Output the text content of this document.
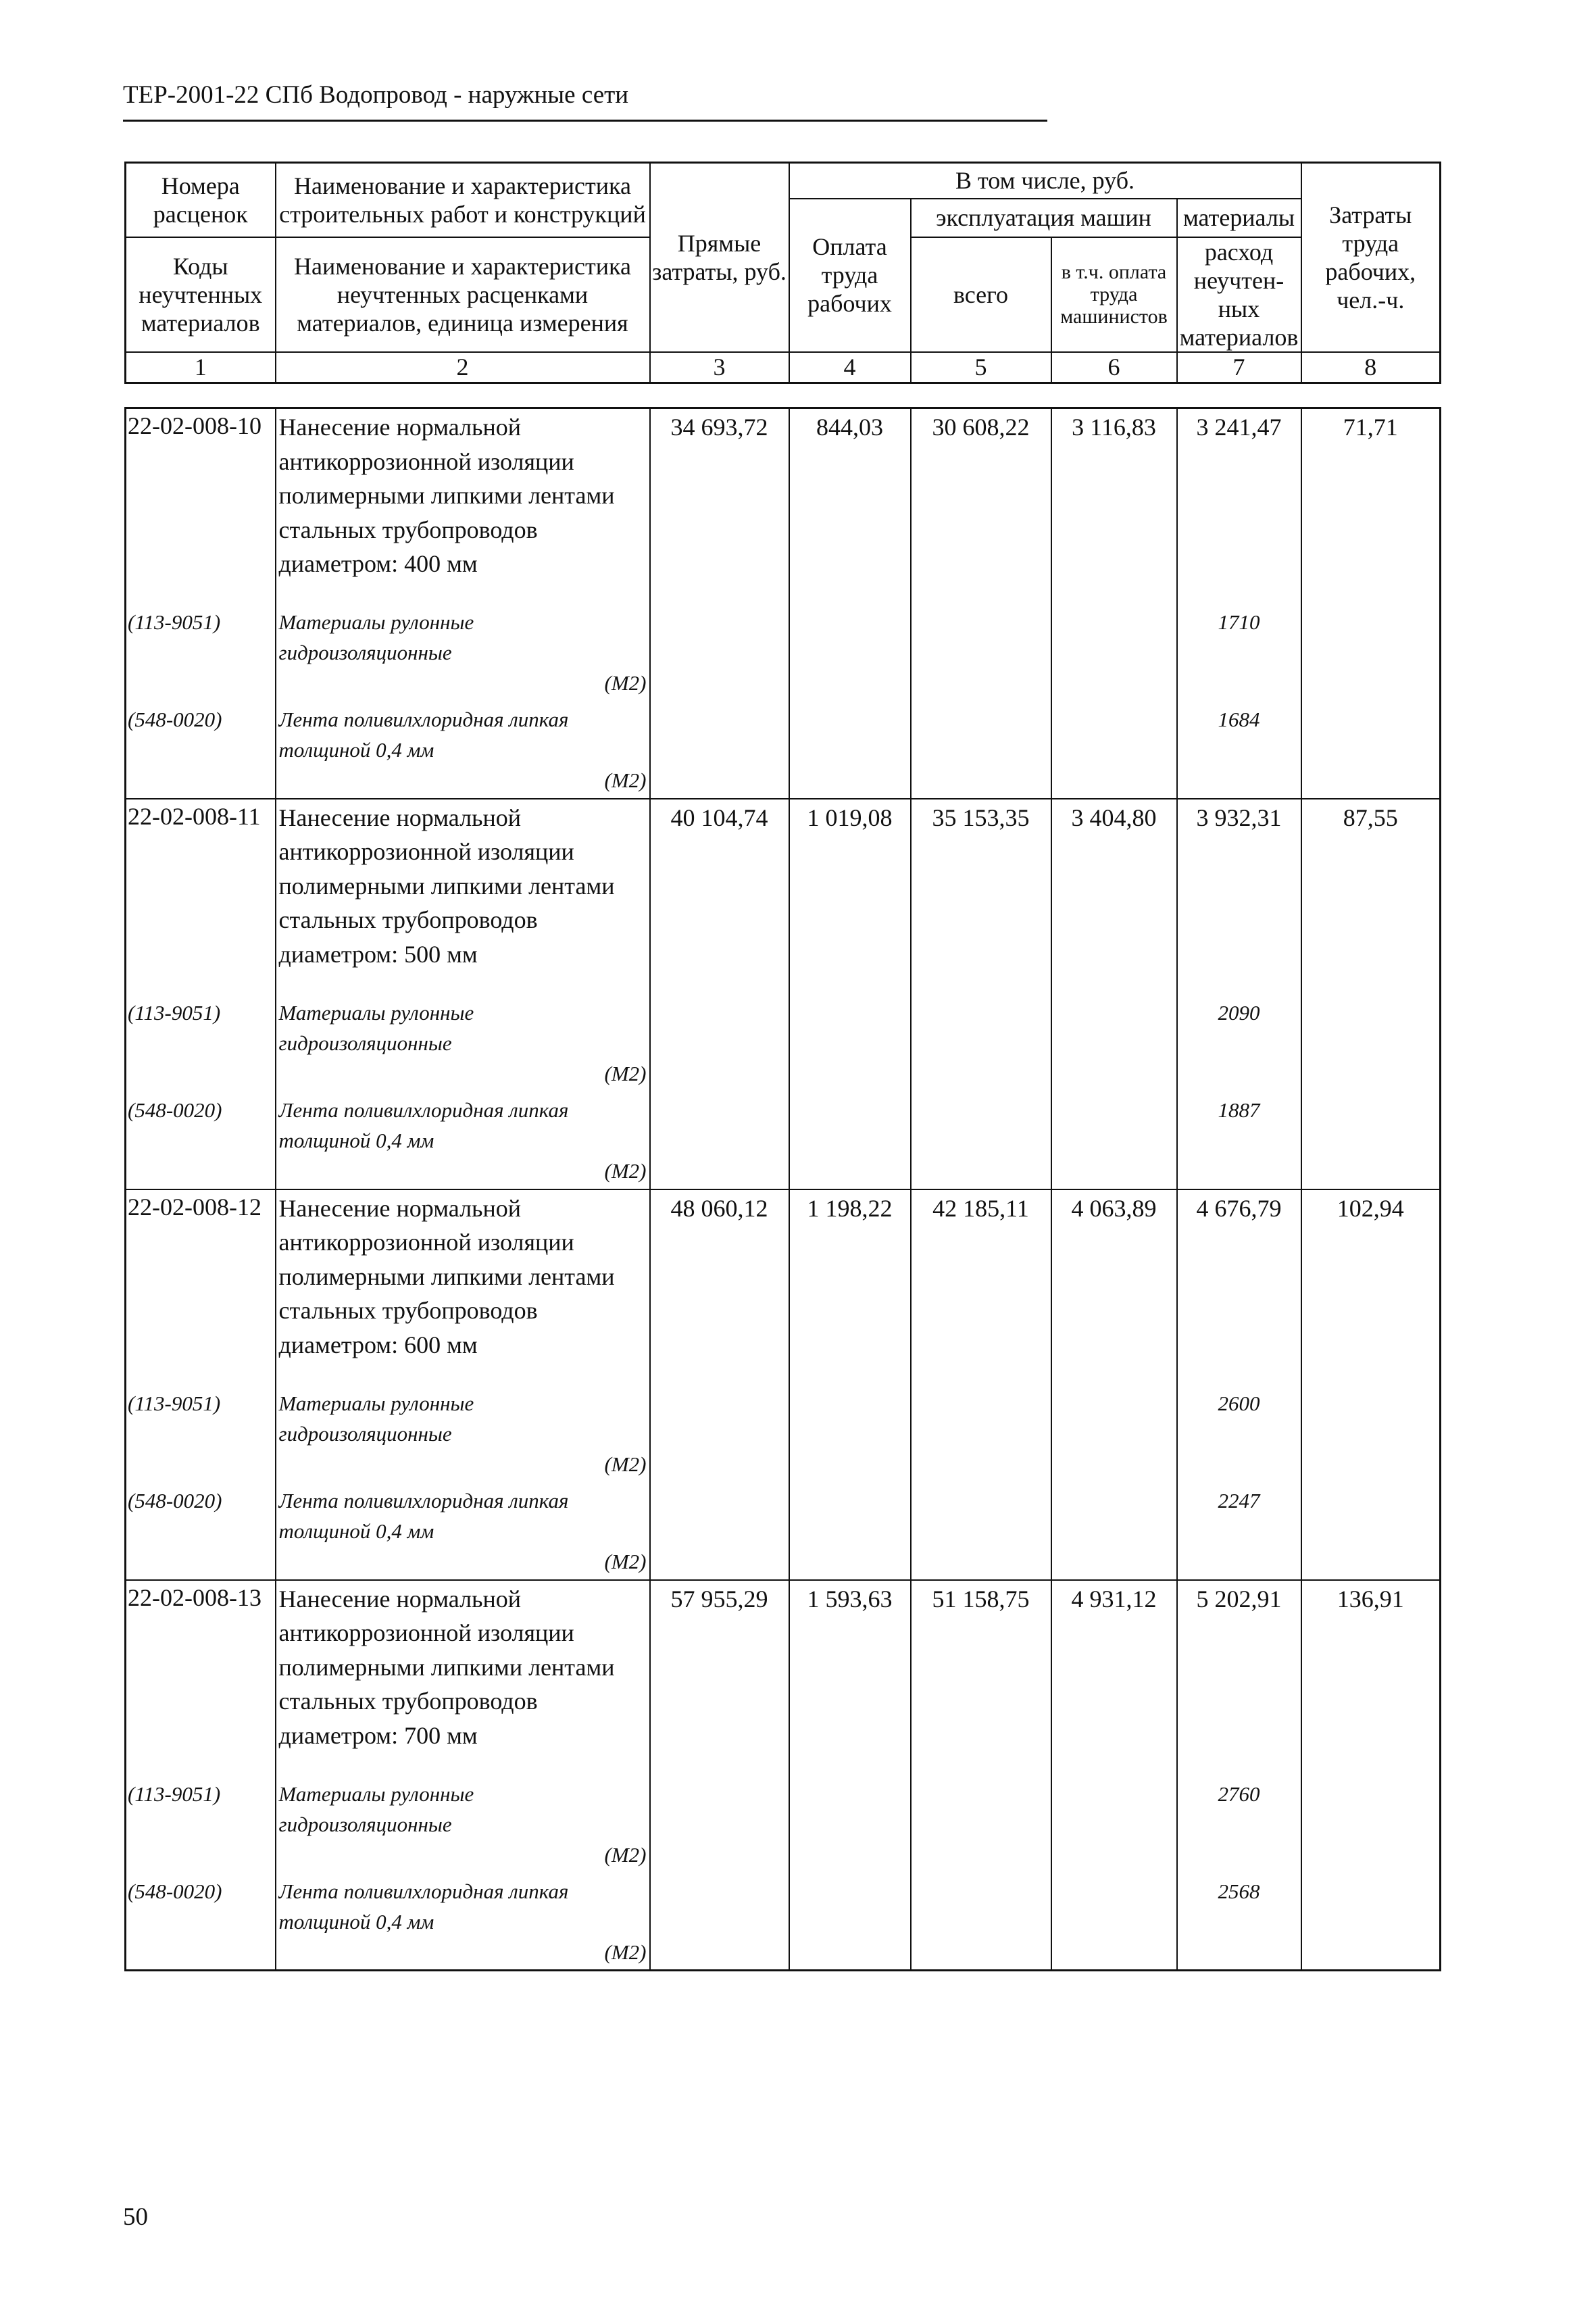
ТЕР-2001-22 СПб Водопровод - наружные сети
Номера расценок	Наименование и характеристика строительных работ и конструкций	Прямые затраты, руб.	В том числе, руб.				Затраты труда рабочих, чел.-ч.
			Оплата труда рабочих	эксплуатация машин		материалы	
Коды неучтенных материалов	Наименование и характеристика неучтенных расценками материалов, единица измерения			всего	в т.ч. оплата труда машинистов	расход неучтен-ных материалов	

1	2	3	4	5	6	7	8
22-02-008-10	Нанесение нормальной антикоррозионной изоляции полимерными липкими лентами стальных трубопроводов диаметром: 400 мм	34 693,72	844,03	30 608,22	3 116,83	3 241,47	71,71
(113-9051)	Материалы рулонные гидроизоляционные
(М2)					1710	
(548-0020)	Лента поливилхлоридная липкая толщиной 0,4 мм
(М2)					1684	
22-02-008-11	Нанесение нормальной антикоррозионной изоляции полимерными липкими лентами стальных трубопроводов диаметром: 500 мм	40 104,74	1 019,08	35 153,35	3 404,80	3 932,31	87,55
(113-9051)	Материалы рулонные гидроизоляционные
(М2)					2090	
(548-0020)	Лента поливилхлоридная липкая толщиной 0,4 мм
(М2)					1887	
22-02-008-12	Нанесение нормальной антикоррозионной изоляции полимерными липкими лентами стальных трубопроводов диаметром: 600 мм	48 060,12	1 198,22	42 185,11	4 063,89	4 676,79	102,94
(113-9051)	Материалы рулонные гидроизоляционные
(М2)					2600	
(548-0020)	Лента поливилхлоридная липкая толщиной 0,4 мм
(М2)					2247	
22-02-008-13	Нанесение нормальной антикоррозионной изоляции полимерными липкими лентами стальных трубопроводов диаметром: 700 мм	57 955,29	1 593,63	51 158,75	4 931,12	5 202,91	136,91
(113-9051)	Материалы рулонные гидроизоляционные
(М2)					2760	
(548-0020)	Лента поливилхлоридная липкая толщиной 0,4 мм
(М2)					2568	
50
